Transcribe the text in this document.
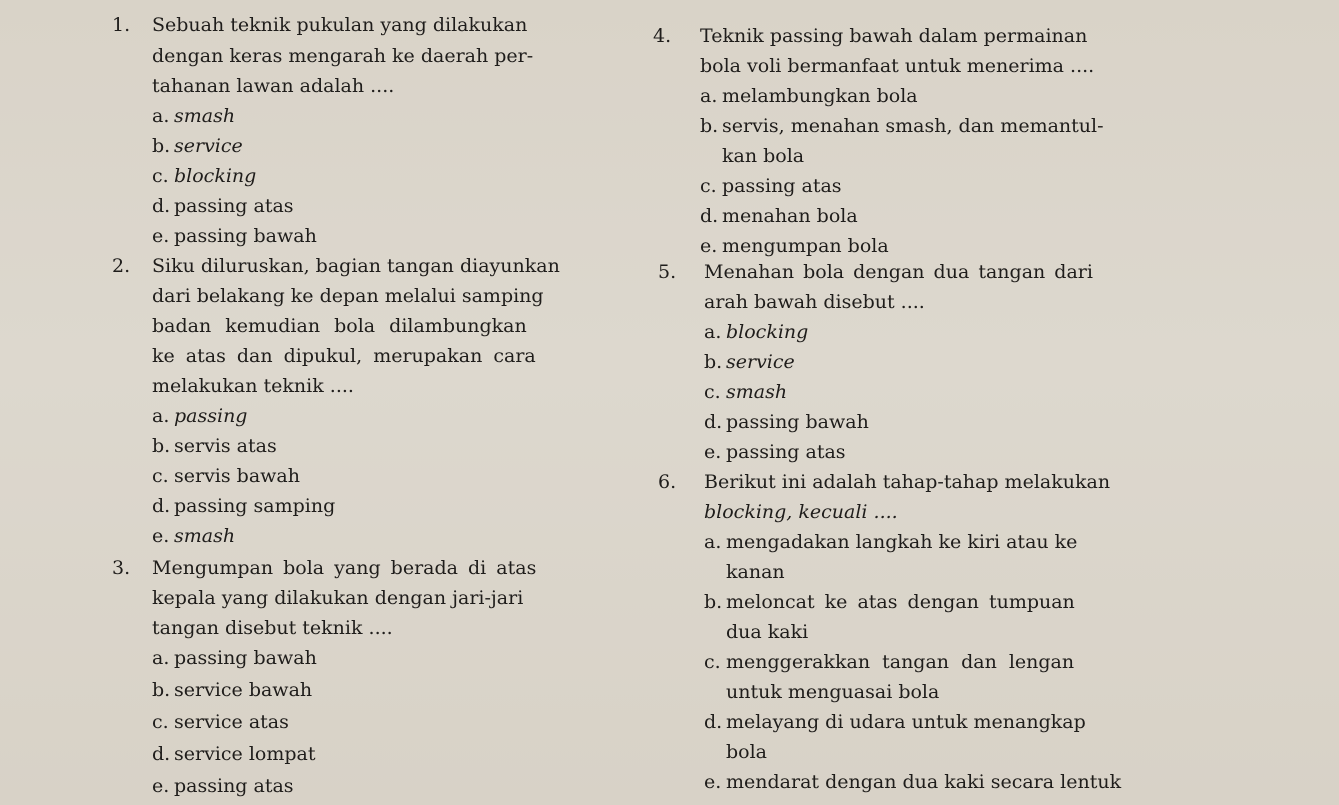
1. Sebuah teknik pukulan yang dilakukan
dengan keras mengarah ke daerah per-
tahanan lawan adalah ....
a. smash
b. service
c. blocking
d. passing atas
e. passing bawah
2. Siku diluruskan, bagian tangan diayunkan
dari belakang ke depan melalui samping
badan kemudian bola dilambungkan
ke atas dan dipukul, merupakan cara
melakukan teknik ....
a. passing
b. servis atas
c. servis bawah
d. passing samping
e. smash
3. Mengumpan bola yang berada di atas
kepala yang dilakukan dengan jari-jari
tangan disebut teknik ....
a. passing bawah
b. service bawah
c. service atas
d. service lompat
e. passing atas
4. Teknik passing bawah dalam permainan
bola voli bermanfaat untuk menerima ....
a. melambungkan bola
b. servis, menahan smash, dan memantul-
kan bola
c. passing atas
d. menahan bola
e. mengumpan bola
5. Menahan bola dengan dua tangan dari
arah bawah disebut ....
a. blocking
b. service
c. smash
d. passing bawah
e. passing atas
6. Berikut ini adalah tahap-tahap melakukan
blocking, kecuali ....
a. mengadakan langkah ke kiri atau ke
kanan
b. meloncat ke atas dengan tumpuan
dua kaki
c. menggerakkan tangan dan lengan
untuk menguasai bola
d. melayang di udara untuk menangkap
bola
e. mendarat dengan dua kaki secara lentuk
